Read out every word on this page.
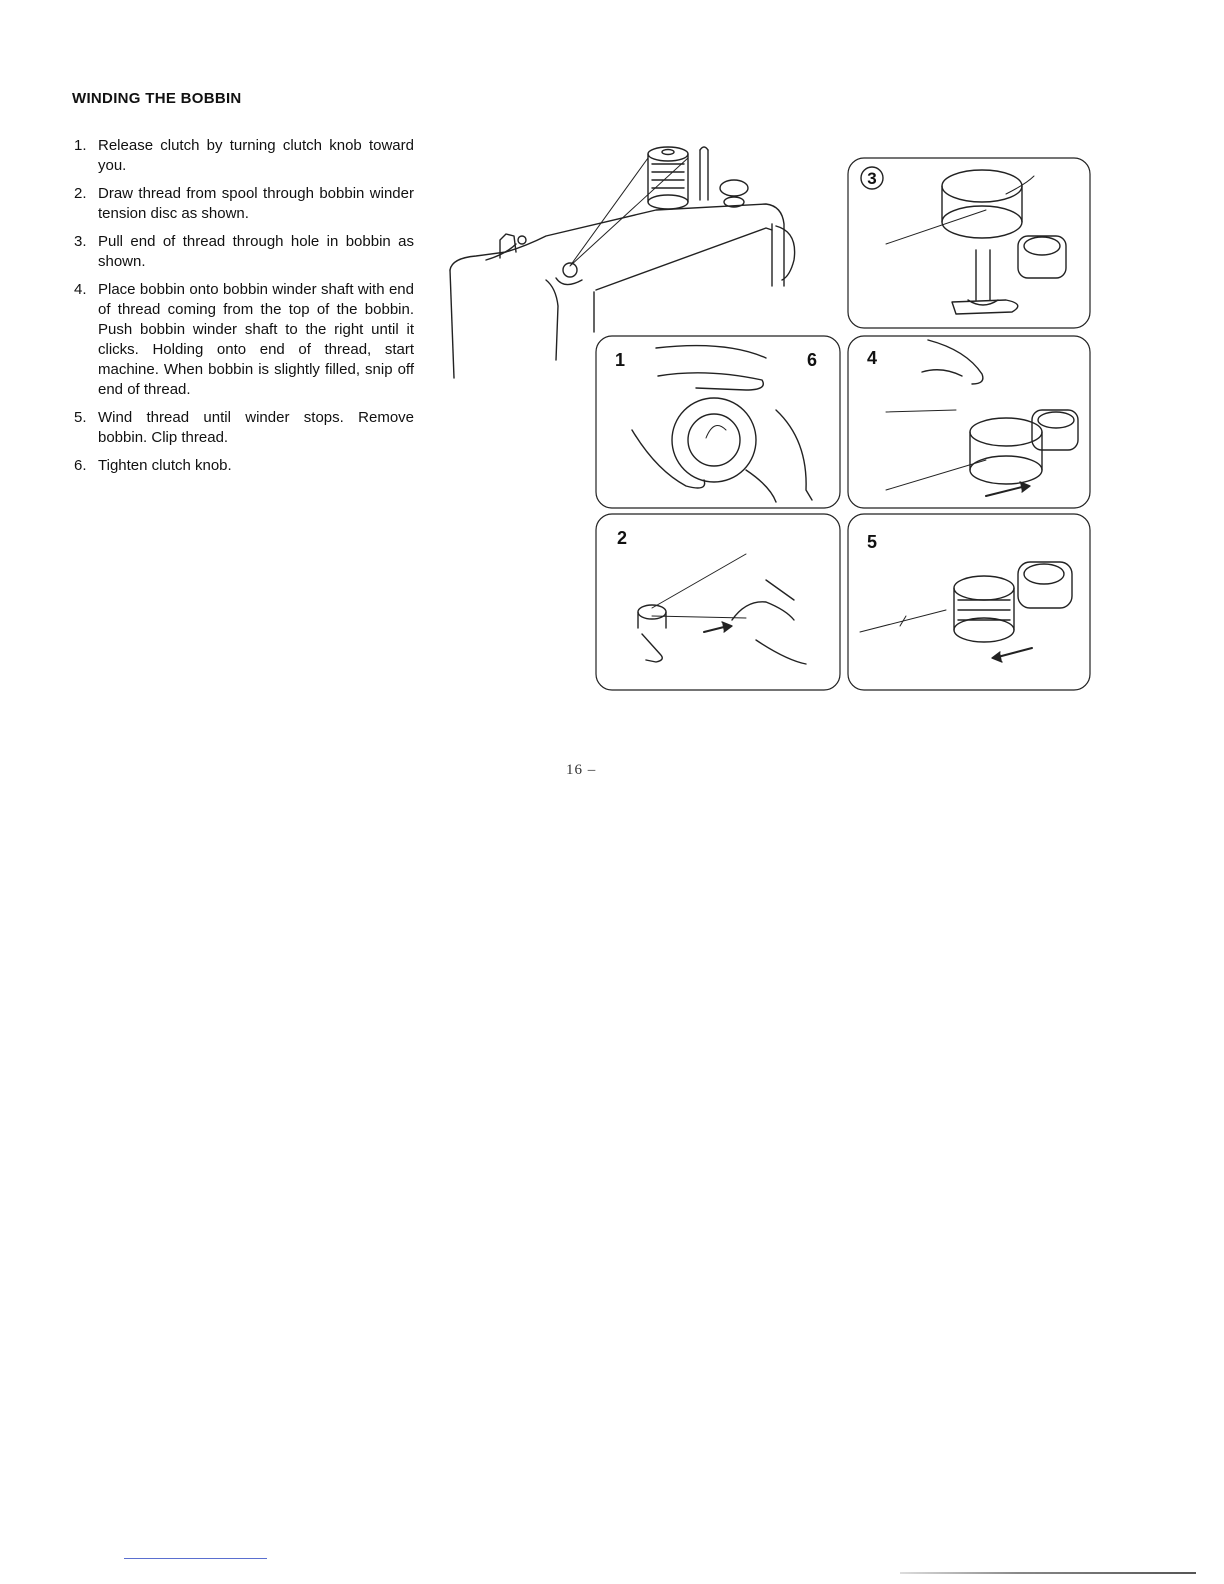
WINDING THE BOBBIN
1. Release clutch by turning clutch knob toward you.
2. Draw thread from spool through bobbin winder tension disc as shown.
3. Pull end of thread through hole in bobbin as shown.
4. Place bobbin onto bobbin winder shaft with end of thread coming from the top of the bobbin. Push bobbin winder shaft to the right until it clicks. Holding onto end of thread, start machine. When bobbin is slightly filled, snip off end of thread.
5. Wind thread until winder stops. Remove bobbin. Clip thread.
6. Tighten clutch knob.
3
1	6	4
2	5
16 –
